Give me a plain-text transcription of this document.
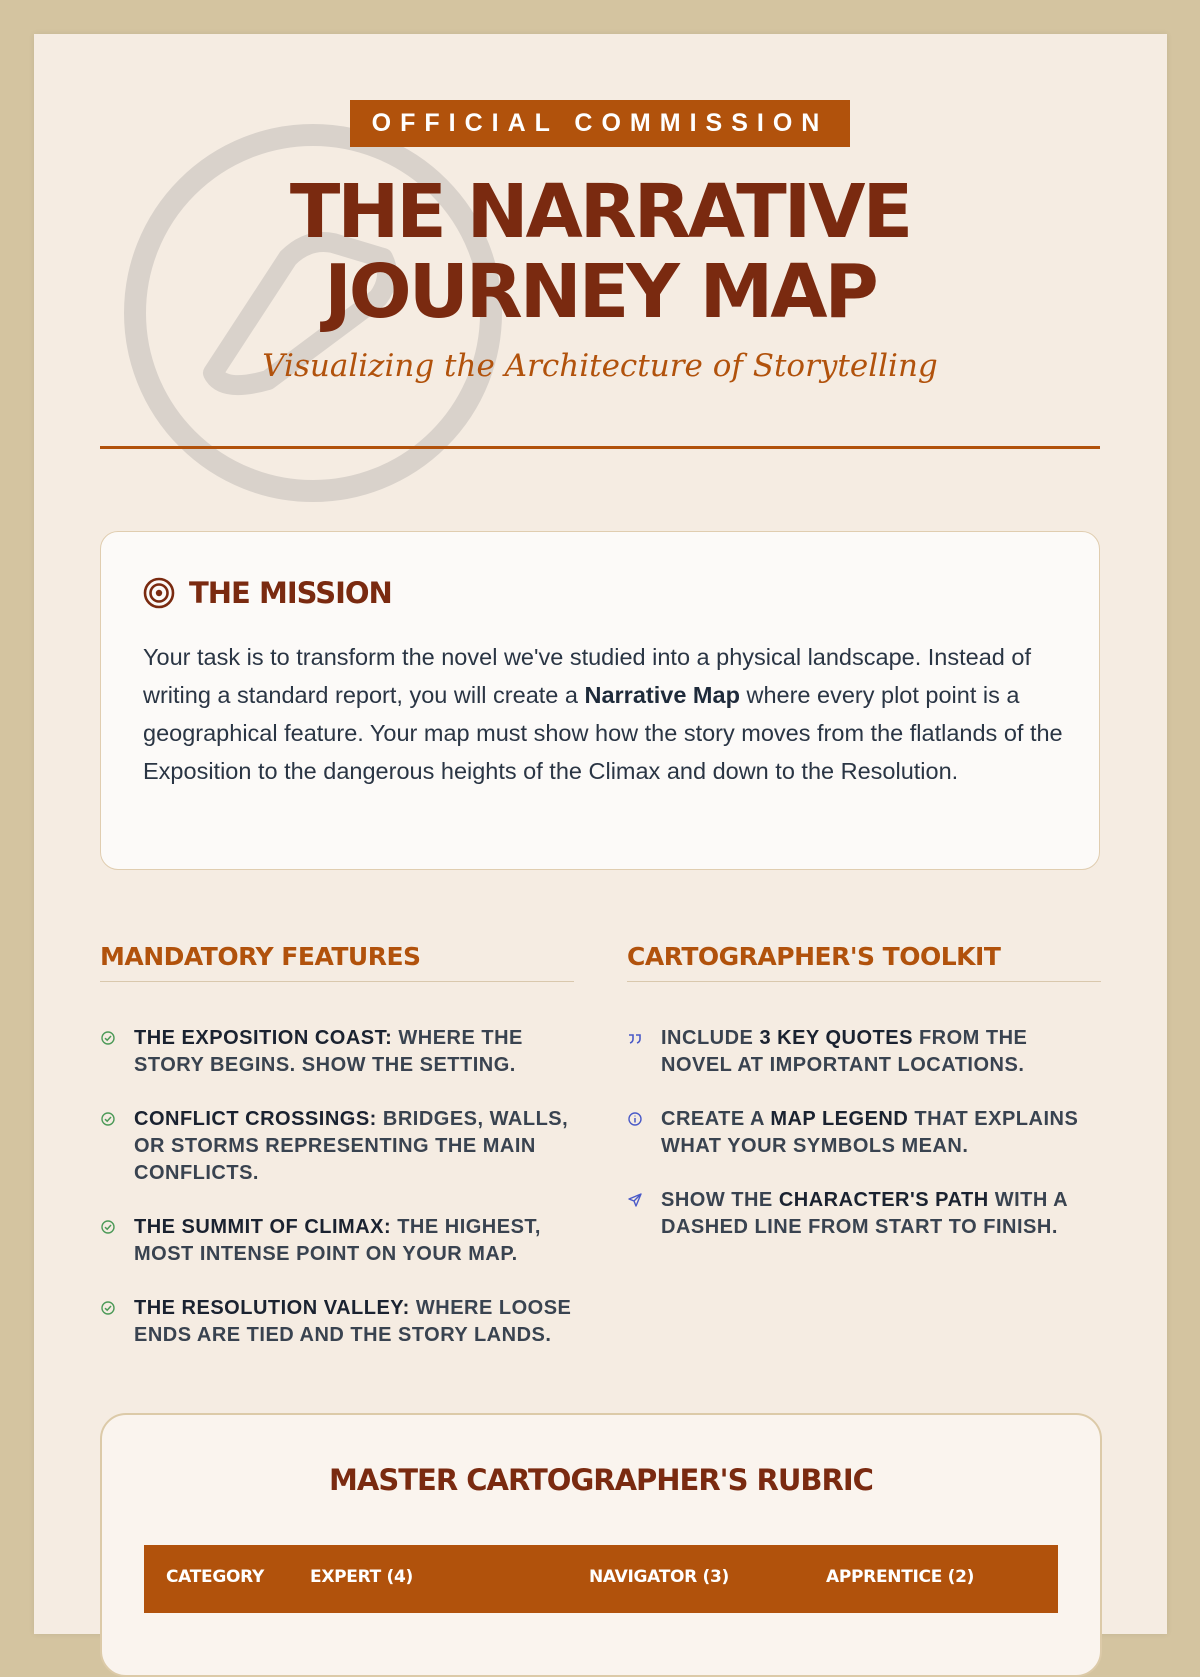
OFFICIAL COMMISSION
THE NARRATIVE
JOURNEY MAP
Visualizing the Architecture of Storytelling
THE MISSION
Your task is to transform the novel we've studied into a physical landscape. Instead of writing a standard report, you will create a Narrative Map where every plot point is a geographical feature. Your map must show how the story moves from the flatlands of the Exposition to the dangerous heights of the Climax and down to the Resolution.
MANDATORY FEATURES	CARTOGRAPHER'S TOOLKIT
THE EXPOSITION COAST: WHERE THE STORY BEGINS. SHOW THE SETTING.
CONFLICT CROSSINGS: BRIDGES, WALLS, OR STORMS REPRESENTING THE MAIN CONFLICTS.
THE SUMMIT OF CLIMAX: THE HIGHEST, MOST INTENSE POINT ON YOUR MAP.
THE RESOLUTION VALLEY: WHERE LOOSE ENDS ARE TIED AND THE STORY LANDS.
INCLUDE 3 KEY QUOTES FROM THE NOVEL AT IMPORTANT LOCATIONS.
CREATE A MAP LEGEND THAT EXPLAINS WHAT YOUR SYMBOLS MEAN.
SHOW THE CHARACTER'S PATH WITH A DASHED LINE FROM START TO FINISH.
MASTER CARTOGRAPHER'S RUBRIC
CATEGORY	EXPERT (4)	NAVIGATOR (3)	APPRENTICE (2)
